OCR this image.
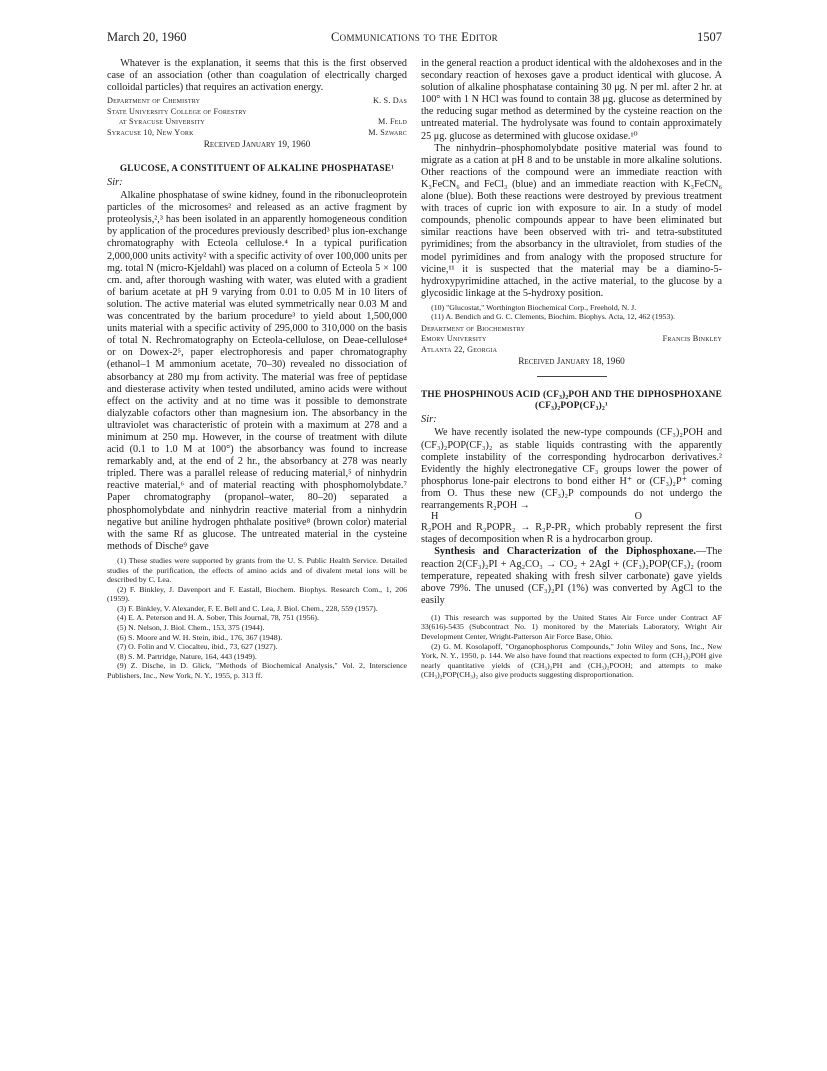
March 20, 1960	Communications to the Editor	1507

Whatever is the explanation, it seems that this is the first observed case of an association (other than coagulation of electrically charged colloidal particles) that requires an activation energy.

Department of Chemistry	K. S. Das
State University College of Forestry
at Syracuse University	M. Feld
Syracuse 10, New York	M. Szwarc
Received January 19, 1960
GLUCOSE, A CONSTITUENT OF ALKALINE PHOSPHATASE¹
Sir:

Alkaline phosphatase of swine kidney, found in the ribonucleoprotein particles of the microsomes² and released as an active fragment by proteolysis,²,³ has been isolated in an apparently homogeneous condition by application of the procedures previously described³ plus ion-exchange chromatography with Ecteola cellulose.⁴ In a typical purification 2,000,000 units activity² with a specific activity of over 100,000 units per mg. total N (micro-Kjeldahl) was placed on a column of Ecteola 5 × 100 cm. and, after thorough washing with water, was eluted with a gradient of barium acetate at pH 9 varying from 0.01 to 0.05 M in 10 liters of solution. The active material was eluted symmetrically near 0.03 M and was concentrated by the barium procedure³ to yield about 1,500,000 units material with a specific activity of 295,000 to 310,000 on the basis of total N. Rechromatography on Ecteola-cellulose, on Deae-cellulose⁴ or on Dowex-2⁵, paper electrophoresis and paper chromatography (ethanol–1 M ammonium acetate, 70–30) revealed no dissociation of absorbancy at 280 mμ from activity. The material was free of peptidase and diesterase activity when tested undiluted, amino acids were without effect on the activity and at no time was it possible to demonstrate dialyzable cofactors other than magnesium ion. The absorbancy in the ultraviolet was characteristic of protein with a maximum at 278 and a minimum at 250 mμ. However, in the course of treatment with dilute acid (0.1 to 1.0 M at 100°) the absorbancy was found to increase remarkably and, at the end of 2 hr., the absorbancy at 278 was nearly tripled. There was a parallel release of reducing material,⁵ of ninhydrin reactive material,⁶ and of material reacting with phosphomolybdate.⁷ Paper chromatography (propanol–water, 80–20) separated a phosphomolybdate and ninhydrin reactive material from a ninhydrin negative but aniline hydrogen phthalate positive⁸ (brown color) material with the same Rf as glucose. The untreated material in the cysteine methods of Dische⁹ gave

(1) These studies were supported by grants from the U. S. Public Health Service. Detailed studies of the purification, the effects of amino acids and of divalent metal ions will be described by C. Lea.

(2) F. Binkley, J. Davenport and F. Eastall, Biochem. Biophys. Research Com., 1, 206 (1959).

(3) F. Binkley, V. Alexander, F. E. Bell and C. Lea, J. Biol. Chem., 228, 559 (1957).

(4) E. A. Peterson and H. A. Sober, This Journal, 78, 751 (1956).

(5) N. Nelson, J. Biol. Chem., 153, 375 (1944).

(6) S. Moore and W. H. Stein, ibid., 176, 367 (1948).

(7) O. Folin and V. Ciocalteu, ibid., 73, 627 (1927).

(8) S. M. Partridge, Nature, 164, 443 (1949).

(9) Z. Dische, in D. Glick, "Methods of Biochemical Analysis," Vol. 2, Interscience Publishers, Inc., New York, N. Y., 1955, p. 313 ff.

in the general reaction a product identical with the aldohexoses and in the secondary reaction of hexoses gave a product identical with glucose. A solution of alkaline phosphatase containing 30 μg. N per ml. after 2 hr. at 100° with 1 N HCl was found to contain 38 μg. glucose as determined by the reducing sugar method as determined by the cysteine reaction on the untreated material. The hydrolysate was found to contain approximately 25 μg. glucose as determined with glucose oxidase.¹⁰

The ninhydrin–phosphomolybdate positive material was found to migrate as a cation at pH 8 and to be unstable in more alkaline solutions. Other reactions of the compound were an immediate reaction with K₃FeCN₆ and FeCl₃ (blue) and an immediate reaction with K₃FeCN₆ alone (blue). Both these reactions were destroyed by previous treatment with traces of cupric ion with exposure to air. In a study of model compounds, phenolic compounds appear to have been eliminated but similar reactions have been observed with tri- and tetra-substituted pyrimidines; from the absorbancy in the ultraviolet, from studies of the model pyrimidines and from analogy with the proposed structure for vicine,¹¹ it is suspected that the material may be a diamino-5-hydroxypyrimidine attached, in the active material, to the glucose by a glycosidic linkage at the 5-hydroxy position.

(10) "Glucostat," Worthington Biochemical Corp., Freehold, N. J.

(11) A. Bendich and G. C. Clements, Biochim. Biophys. Acta, 12, 462 (1953).

Department of Biochemistry
Emory University	Francis Binkley
Atlanta 22, Georgia
Received January 18, 1960
THE PHOSPHINOUS ACID (CF₃)₂POH AND THE DIPHOSPHOXANE (CF₃)₂POP(CF₃)₂¹
Sir:

We have recently isolated the new-type compounds (CF₃)₂POH and (CF₃)₂POP(CF₃)₂ as stable liquids contrasting with the apparently complete instability of the corresponding hydrocarbon derivatives.² Evidently the highly electronegative CF₃ groups lower the power of phosphorus lone-pair electrons to bond either H⁺ or (CF₃)₂P⁺ coming from O. Thus these new (CF₃)₂P compounds do not undergo the rearrangements R₂POH →

H	O

R₂POH and R₂POPR₂ → R₂P-PR₂ which probably represent the first stages of decomposition when R is a hydrocarbon group.

Synthesis and Characterization of the Diphosphoxane.—The reaction 2(CF₃)₂PI + Ag₂CO₃ → CO₂ + 2AgI + (CF₃)₂POP(CF₃)₂ (room temperature, repeated shaking with fresh silver carbonate) gave yields above 79%. The unused (CF₃)₂PI (1%) was converted by AgCl to the easily

(1) This research was supported by the United States Air Force under Contract AF 33(616)-5435 (Subcontract No. 1) monitored by the Materials Laboratory, Wright Air Development Center, Wright-Patterson Air Force Base, Ohio.

(2) G. M. Kosolapoff, "Organophosphorus Compounds," John Wiley and Sons, Inc., New York, N. Y., 1950, p. 144. We also have found that reactions expected to form (CH₃)₂POH give nearly quantitative yields of (CH₃)₂PH and (CH₃)₂POOH; and attempts to make (CH₃)₂POP(CH₃)₂ also give products suggesting disproportionation.
